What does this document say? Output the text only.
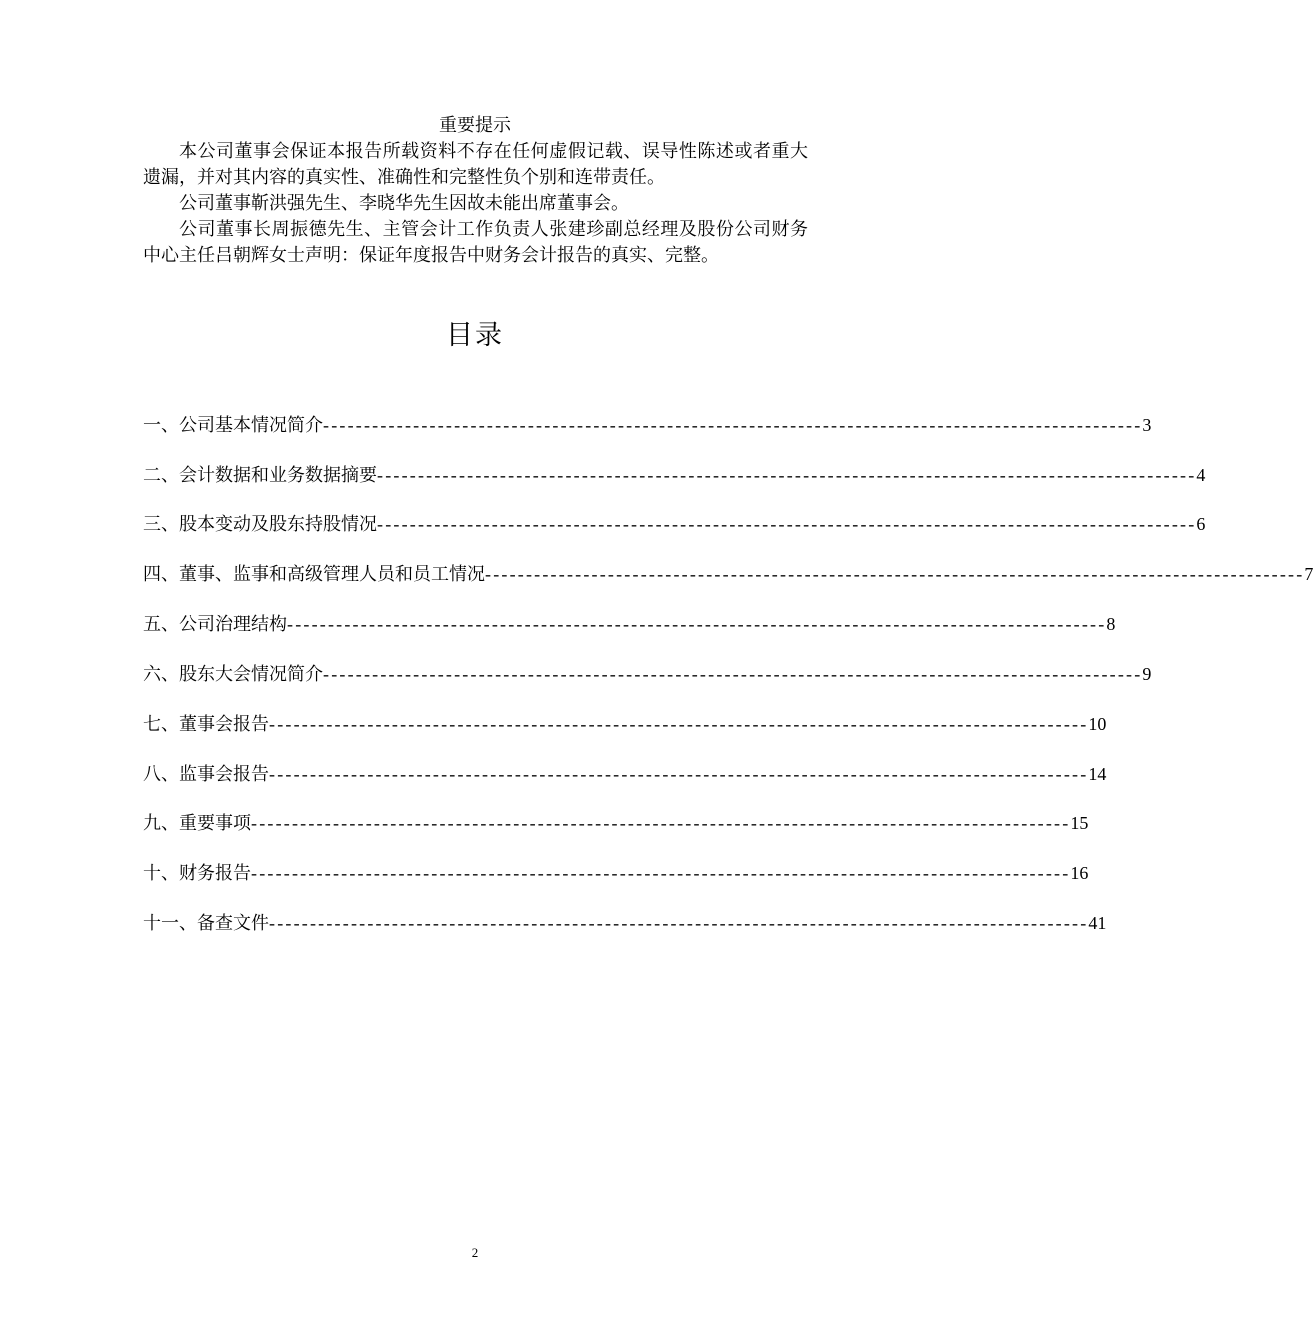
重要提示

本公司董事会保证本报告所载资料不存在任何虚假记载、误导性陈述或者重大遗漏，并对其内容的真实性、准确性和完整性负个别和连带责任。

公司董事靳洪强先生、李晓华先生因故未能出席董事会。

公司董事长周振德先生、主管会计工作负责人张建珍副总经理及股份公司财务中心主任吕朝辉女士声明：保证年度报告中财务会计报告的真实、完整。

目录
一、公司基本情况简介 ---------------------------------------------------------------------------------------------------- 3
二、会计数据和业务数据摘要 ---------------------------------------------------------------------------------------------------- 4
三、股本变动及股东持股情况 ---------------------------------------------------------------------------------------------------- 6
四、董事、监事和高级管理人员和员工情况 ---------------------------------------------------------------------------------------------------- 7
五、公司治理结构 ---------------------------------------------------------------------------------------------------- 8
六、股东大会情况简介 ---------------------------------------------------------------------------------------------------- 9
七、董事会报告 ---------------------------------------------------------------------------------------------------- 10
八、监事会报告 ---------------------------------------------------------------------------------------------------- 14
九、重要事项 ---------------------------------------------------------------------------------------------------- 15
十、财务报告 ---------------------------------------------------------------------------------------------------- 16
十一、备查文件 ---------------------------------------------------------------------------------------------------- 41
2
